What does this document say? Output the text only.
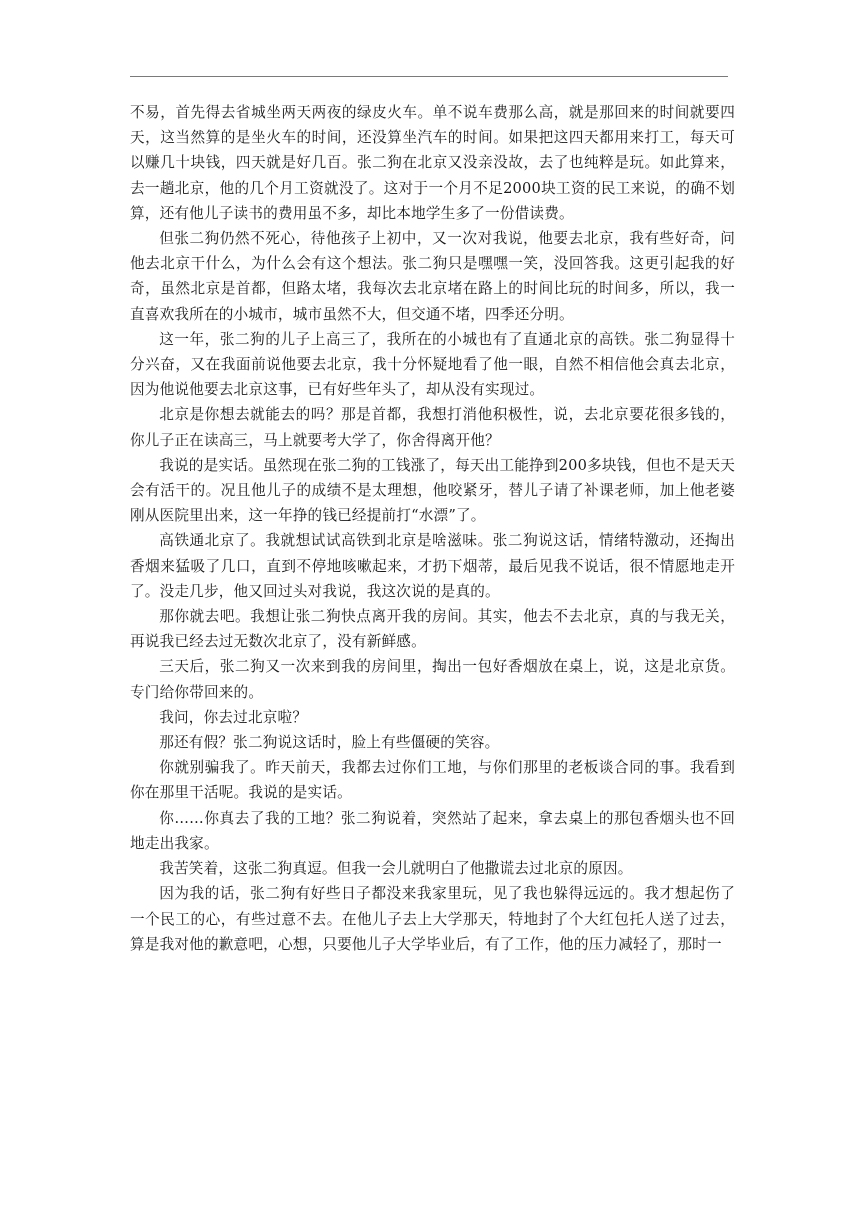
不易，首先得去省城坐两天两夜的绿皮火车。单不说车费那么高，就是那回来的时间就要四天，这当然算的是坐火车的时间，还没算坐汽车的时间。如果把这四天都用来打工，每天可以赚几十块钱，四天就是好几百。张二狗在北京又没亲没故，去了也纯粹是玩。如此算来，去一趟北京，他的几个月工资就没了。这对于一个月不足2000块工资的民工来说，的确不划算，还有他儿子读书的费用虽不多，却比本地学生多了一份借读费。

但张二狗仍然不死心，待他孩子上初中，又一次对我说，他要去北京，我有些好奇，问他去北京干什么，为什么会有这个想法。张二狗只是嘿嘿一笑，没回答我。这更引起我的好奇，虽然北京是首都，但路太堵，我每次去北京堵在路上的时间比玩的时间多，所以，我一直喜欢我所在的小城市，城市虽然不大，但交通不堵，四季还分明。

这一年，张二狗的儿子上高三了，我所在的小城也有了直通北京的高铁。张二狗显得十分兴奋，又在我面前说他要去北京，我十分怀疑地看了他一眼，自然不相信他会真去北京，因为他说他要去北京这事，已有好些年头了，却从没有实现过。

北京是你想去就能去的吗？那是首都，我想打消他积极性，说，去北京要花很多钱的，你儿子正在读高三，马上就要考大学了，你舍得离开他？

我说的是实话。虽然现在张二狗的工钱涨了，每天出工能挣到200多块钱，但也不是天天会有活干的。况且他儿子的成绩不是太理想，他咬紧牙，替儿子请了补课老师，加上他老婆刚从医院里出来，这一年挣的钱已经提前打“水漂”了。

高铁通北京了。我就想试试高铁到北京是啥滋味。张二狗说这话，情绪特激动，还掏出香烟来猛吸了几口，直到不停地咳嗽起来，才扔下烟蒂，最后见我不说话，很不情愿地走开了。没走几步，他又回过头对我说，我这次说的是真的。

那你就去吧。我想让张二狗快点离开我的房间。其实，他去不去北京，真的与我无关，再说我已经去过无数次北京了，没有新鲜感。

三天后，张二狗又一次来到我的房间里，掏出一包好香烟放在桌上，说，这是北京货。专门给你带回来的。

我问，你去过北京啦？

那还有假？张二狗说这话时，脸上有些僵硬的笑容。

你就别骗我了。昨天前天，我都去过你们工地，与你们那里的老板谈合同的事。我看到你在那里干活呢。我说的是实话。

你……你真去了我的工地？张二狗说着，突然站了起来，拿去桌上的那包香烟头也不回地走出我家。

我苦笑着，这张二狗真逗。但我一会儿就明白了他撒谎去过北京的原因。

因为我的话，张二狗有好些日子都没来我家里玩，见了我也躲得远远的。我才想起伤了一个民工的心，有些过意不去。在他儿子去上大学那天，特地封了个大红包托人送了过去，算是我对他的歉意吧，心想，只要他儿子大学毕业后，有了工作，他的压力减轻了，那时一
